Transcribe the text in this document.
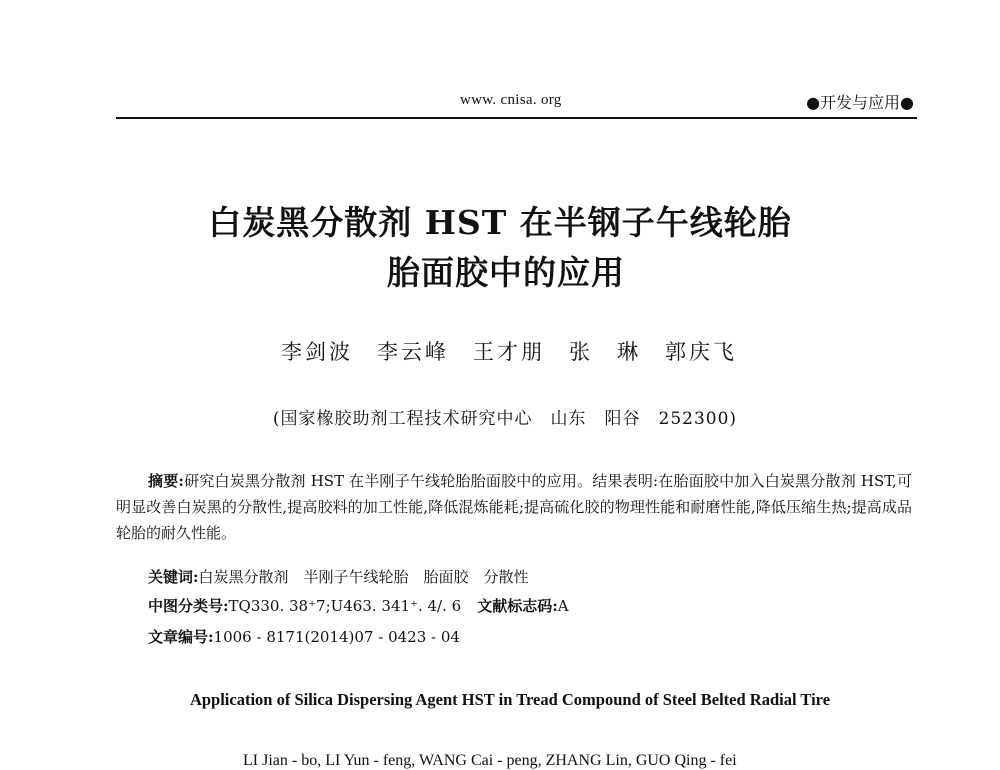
www. cnisa. org	●开发与应用●
白炭黑分散剂 HST 在半钢子午线轮胎
胎面胶中的应用
李剑波　李云峰　王才朋　张　琳　郭庆飞
(国家橡胶助剂工程技术研究中心　山东　阳谷　252300)
摘要:研究白炭黑分散剂 HST 在半刚子午线轮胎胎面胶中的应用。结果表明:在胎面胶中加入白炭黑分散剂 HST,可明显改善白炭黑的分散性,提高胶料的加工性能,降低混炼能耗;提高硫化胶的物理性能和耐磨性能,降低压缩生热;提高成品轮胎的耐久性能。
关键词:白炭黑分散剂　半刚子午线轮胎　胎面胶　分散性
中图分类号:TQ330. 38⁺7;U463. 341⁺. 4/. 6 文献标志码:A
文章编号:1006 - 8171(2014)07 - 0423 - 04
Application of Silica Dispersing Agent HST in Tread Compound of Steel Belted Radial Tire
LI Jian - bo, LI Yun - feng, WANG Cai - peng, ZHANG Lin, GUO Qing - fei
